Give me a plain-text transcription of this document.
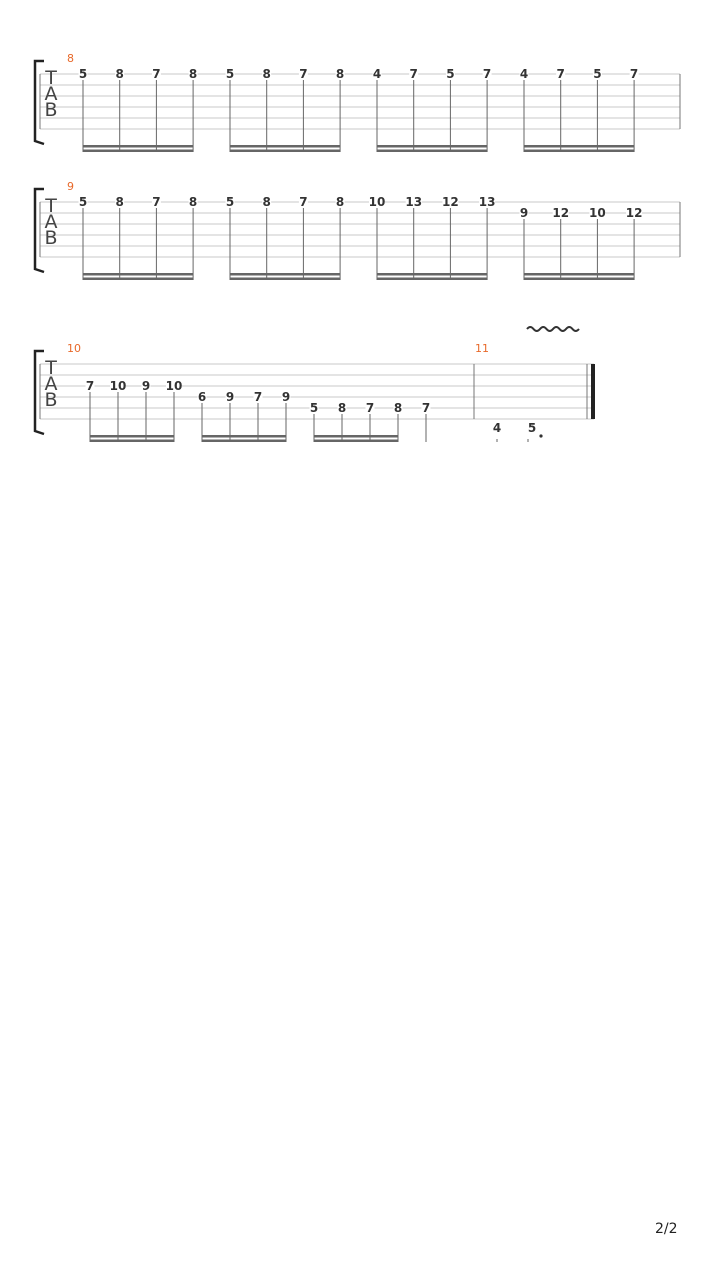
T
A
B
8
5 8 7 8 5 8 7 8 4 7 5 7 4 7 5 7
T
A
B
9
5 8 7 8 5 8 7 8 10 13 12 13
9 12 10 12
T
A
B
10
7 10 9 10
6 9 7 9
5 8 7 8 7
11
4 5
2/2
